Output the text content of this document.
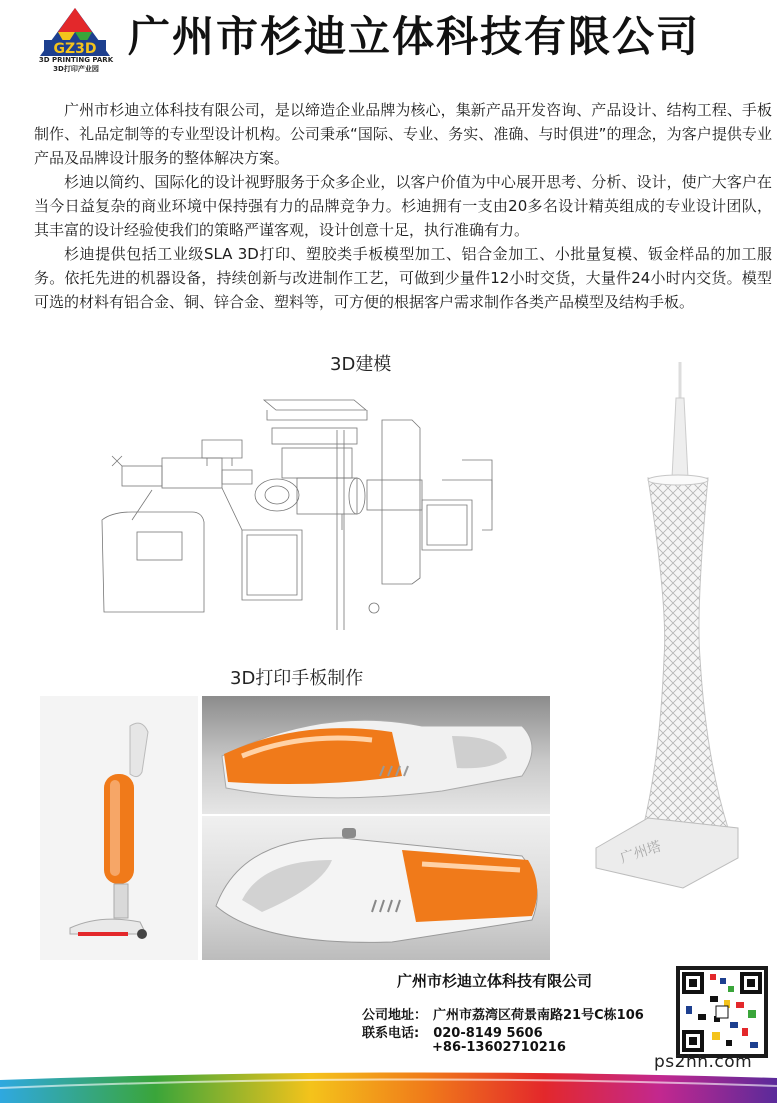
GZ3D
3D PRINTING PARK
3D打印产业园
广州市杉迪立体科技有限公司

广州市杉迪立体科技有限公司，是以缔造企业品牌为核心，集新产品开发咨询、产品设计、结构工程、手板制作、礼品定制等的专业型设计机构。公司秉承“国际、专业、务实、准确、与时俱进”的理念，为客户提供专业产品及品牌设计服务的整体解决方案。

杉迪以简约、国际化的设计视野服务于众多企业，以客户价值为中心展开思考、分析、设计，使广大客户在当今日益复杂的商业环境中保持强有力的品牌竞争力。杉迪拥有一支由20多名设计精英组成的专业设计团队，其丰富的设计经验使我们的策略严谨客观，设计创意十足，执行准确有力。

杉迪提供包括工业级SLA 3D打印、塑胶类手板模型加工、铝合金加工、小批量复模、钣金样品的加工服务。依托先进的机器设备，持续创新与改进制作工艺，可做到少量件12小时交货，大量件24小时内交货。模型可选的材料有铝合金、铜、锌合金、塑料等，可方便的根据客户需求制作各类产品模型及结构手板。

3D建模
广州塔
3D打印手板制作
广州市杉迪立体科技有限公司
公司地址： 广州市荔湾区荷景南路21号C栋106
联系电话: 020-8149 5606
+86-13602710216
ps2hh.com
